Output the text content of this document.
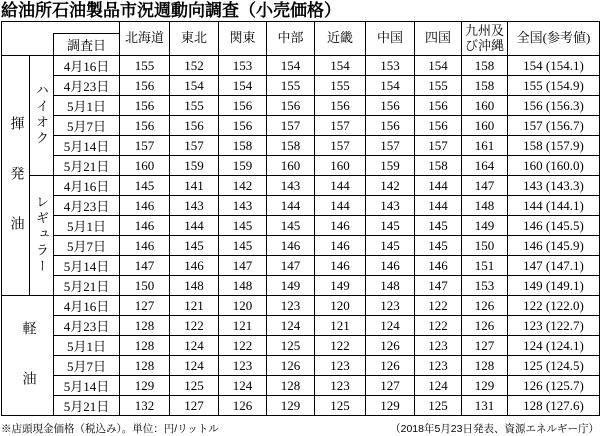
給油所石油製品市況週動向調査（小売価格）
調査日			北海道	東北	関東	中部	近畿	中国	四国	九州及び沖縄	全国(参考値)
揮発油	ハイオク	4月16日	155	152	153	154	154	153	154	158	154 (154.1)
		4月23日	156	154	154	155	155	154	155	158	155 (154.9)
		5月1日	156	155	156	156	156	156	156	160	156 (156.3)
		5月7日	156	156	156	157	157	156	156	160	157 (156.7)
		5月14日	157	157	158	158	157	157	157	161	158 (157.9)
		5月21日	160	159	159	160	160	159	158	164	160 (160.0)
	レギュラー	4月16日	145	141	142	143	144	142	144	147	143 (143.3)
		4月23日	146	143	143	144	144	143	144	148	144 (144.1)
		5月1日	146	144	145	145	146	145	145	149	146 (145.5)
		5月7日	146	145	145	146	146	145	145	150	146 (145.9)
		5月14日	147	146	147	147	146	146	146	151	147 (147.1)
		5月21日	150	148	148	149	149	148	147	153	149 (149.1)
軽油		4月16日	127	121	120	123	120	123	122	126	122 (122.0)
		4月23日	128	122	121	124	121	124	122	126	123 (122.7)
		5月1日	128	124	122	125	122	126	123	127	124 (124.1)
		5月7日	128	124	123	126	123	126	123	128	125 (124.5)
		5月14日	129	125	124	128	123	127	124	129	126 (125.7)
		5月21日	132	127	126	129	125	129	125	131	128 (127.6)
※店頭現金価格（税込み）。単位：円/リットル	（2018年5月23日発表、資源エネルギー庁）
